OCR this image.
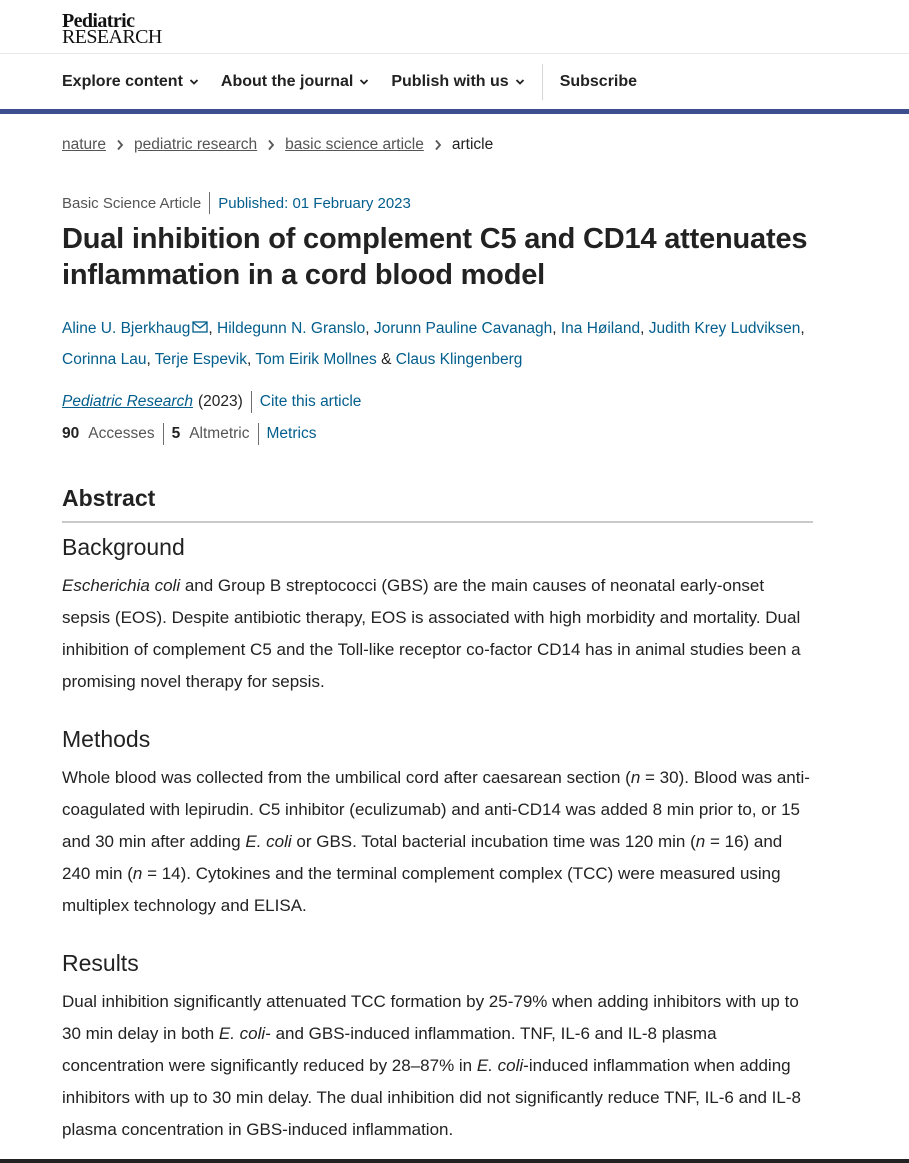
Pediatric
RESEARCH
Explore content About the journal Publish with us	Subscribe
nature pediatric research basic science article article
Basic Science Article Published: 01 February 2023
Dual inhibition of complement C5 and CD14 attenuates inflammation in a cord blood model
Aline U. Bjerkhaug , Hildegunn N. Granslo, Jorunn Pauline Cavanagh, Ina Høiland, Judith Krey Ludviksen,
Corinna Lau, Terje Espevik, Tom Eirik Mollnes & Claus Klingenberg
Pediatric Research (2023) Cite this article
90 Accesses 5 Altmetric Metrics
Abstract
Background

Escherichia coli and Group B streptococci (GBS) are the main causes of neonatal early-onset sepsis (EOS). Despite antibiotic therapy, EOS is associated with high morbidity and mortality. Dual inhibition of complement C5 and the Toll-like receptor co-factor CD14 has in animal studies been a promising novel therapy for sepsis.

Methods

Whole blood was collected from the umbilical cord after caesarean section (n = 30). Blood was anti-coagulated with lepirudin. C5 inhibitor (eculizumab) and anti-CD14 was added 8 min prior to, or 15 and 30 min after adding E. coli or GBS. Total bacterial incubation time was 120 min (n = 16) and 240 min (n = 14). Cytokines and the terminal complement complex (TCC) were measured using multiplex technology and ELISA.

Results

Dual inhibition significantly attenuated TCC formation by 25-79% when adding inhibitors with up to 30 min delay in both E. coli- and GBS-induced inflammation. TNF, IL-6 and IL-8 plasma concentration were significantly reduced by 28–87% in E. coli-induced inflammation when adding inhibitors with up to 30 min delay. The dual inhibition did not significantly reduce TNF, IL-6 and IL-8 plasma concentration in GBS-induced inflammation.
